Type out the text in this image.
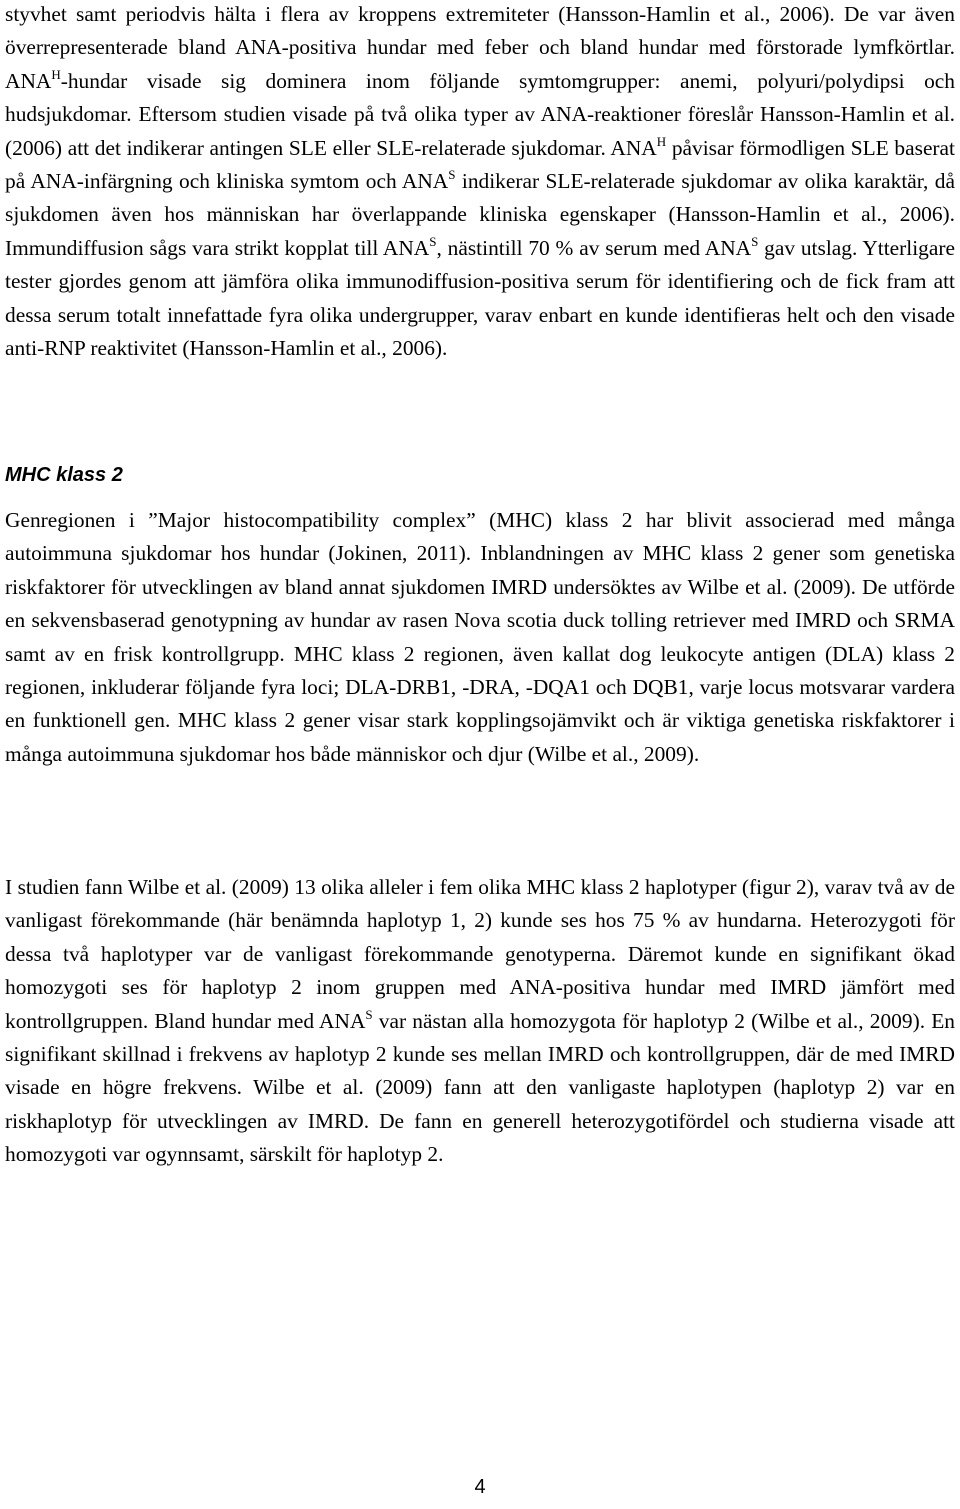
styvhet samt periodvis hälta i flera av kroppens extremiteter (Hansson-Hamlin et al., 2006). De var även överrepresenterade bland ANA-positiva hundar med feber och bland hundar med förstorade lymfkörtlar. $ANA^H$-hundar visade sig dominera inom följande symtomgrupper: anemi, polyuri/polydipsi och hudsjukdomar. Eftersom studien visade på två olika typer av ANA-reaktioner föreslår Hansson-Hamlin et al. (2006) att det indikerar antingen SLE eller SLE-relaterade sjukdomar. $ANA^H$ påvisar förmodligen SLE baserat på ANA-infärgning och kliniska symtom och $ANA^S$ indikerar SLE-relaterade sjukdomar av olika karaktär, då sjukdomen även hos människan har överlappande kliniska egenskaper (Hansson-Hamlin et al., 2006). Immundiffusion sågs vara strikt kopplat till $ANA^S$, nästintill 70 % av serum med $ANA^S$ gav utslag. Ytterligare tester gjordes genom att jämföra olika immunodiffusion-positiva serum för identifiering och de fick fram att dessa serum totalt innefattade fyra olika undergrupper, varav enbart en kunde identifieras helt och den visade anti-RNP reaktivitet (Hansson-Hamlin et al., 2006).

MHC klass 2

Genregionen i ”Major histocompatibility complex” (MHC) klass 2 har blivit associerad med många autoimmuna sjukdomar hos hundar (Jokinen, 2011). Inblandningen av MHC klass 2 gener som genetiska riskfaktorer för utvecklingen av bland annat sjukdomen IMRD undersöktes av Wilbe et al. (2009). De utförde en sekvensbaserad genotypning av hundar av rasen Nova scotia duck tolling retriever med IMRD och SRMA samt av en frisk kontrollgrupp. MHC klass 2 regionen, även kallat dog leukocyte antigen (DLA) klass 2 regionen, inkluderar följande fyra loci; DLA-DRB1, -DRA, -DQA1 och DQB1, varje locus motsvarar vardera en funktionell gen. MHC klass 2 gener visar stark kopplingsojämvikt och är viktiga genetiska riskfaktorer i många autoimmuna sjukdomar hos både människor och djur (Wilbe et al., 2009).

I studien fann Wilbe et al. (2009) 13 olika alleler i fem olika MHC klass 2 haplotyper (figur 2), varav två av de vanligast förekommande (här benämnda haplotyp 1, 2) kunde ses hos 75 % av hundarna. Heterozygoti för dessa två haplotyper var de vanligast förekommande genotyperna. Däremot kunde en signifikant ökad homozygoti ses för haplotyp 2 inom gruppen med ANA-positiva hundar med IMRD jämfört med kontrollgruppen. Bland hundar med $ANA^S$ var nästan alla homozygota för haplotyp 2 (Wilbe et al., 2009). En signifikant skillnad i frekvens av haplotyp 2 kunde ses mellan IMRD och kontrollgruppen, där de med IMRD visade en högre frekvens. Wilbe et al. (2009) fann att den vanligaste haplotypen (haplotyp 2) var en riskhaplotyp för utvecklingen av IMRD. De fann en generell heterozygotifördel och studierna visade att homozygoti var ogynnsamt, särskilt för haplotyp 2.

4
